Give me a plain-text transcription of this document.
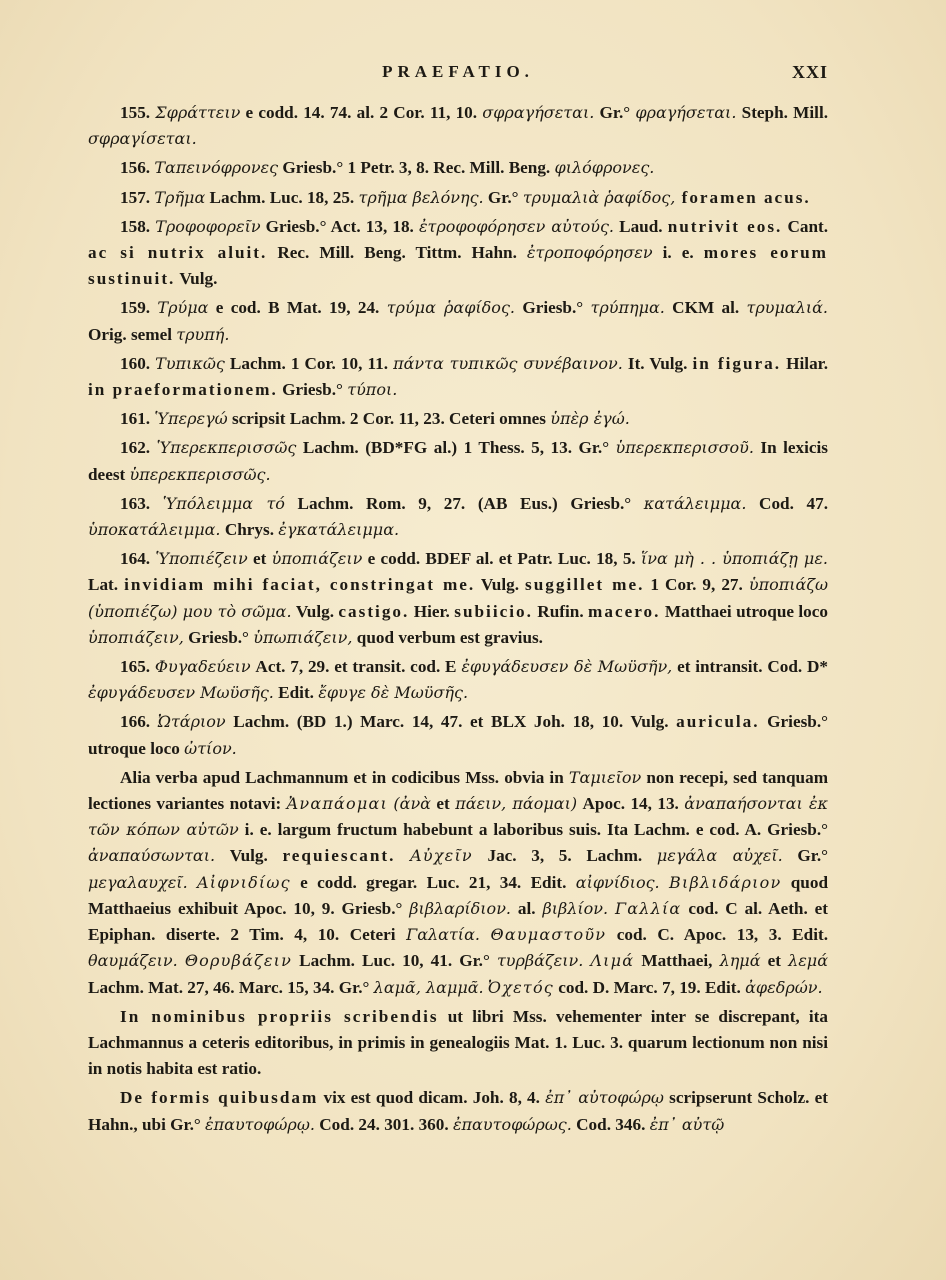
PRAEFATIO.	XXI

155. Σφράττειν e codd. 14. 74. al. 2 Cor. 11, 10. σφραγήσεται. Gr.° φραγήσεται. Steph. Mill. σφραγίσεται.

156. Ταπεινόφρονες Griesb.° 1 Petr. 3, 8. Rec. Mill. Beng. φιλόφρονες.

157. Τρῆμα Lachm. Luc. 18, 25. τρῆμα βελόνης. Gr.° τρυμαλιὰ ῥαφίδος, foramen acus.

158. Τροφοφορεῖν Griesb.° Act. 13, 18. ἐτροφοφόρησεν αὐτούς. Laud. nutrivit eos. Cant. ac si nutrix aluit. Rec. Mill. Beng. Tittm. Hahn. ἐτροποφόρησεν i. e. mores eorum sustinuit. Vulg.

159. Τρύμα e cod. B Mat. 19, 24. τρύμα ῥαφίδος. Griesb.° τρύπημα. CKM al. τρυμαλιά. Orig. semel τρυπή.

160. Τυπικῶς Lachm. 1 Cor. 10, 11. πάντα τυπικῶς συνέβαινον. It. Vulg. in figura. Hilar. in praeformationem. Griesb.° τύποι.

161. Ὑπερεγώ scripsit Lachm. 2 Cor. 11, 23. Ceteri omnes ὑπὲρ ἐγώ.

162. Ὑπερεκπερισσῶς Lachm. (BD*FG al.) 1 Thess. 5, 13. Gr.° ὑπερεκπερισσοῦ. In lexicis deest ὑπερεκπερισσῶς.

163. Ὑπόλειμμα τό Lachm. Rom. 9, 27. (AB Eus.) Griesb.° κατάλειμμα. Cod. 47. ὑποκατάλειμμα. Chrys. ἐγκατάλειμμα.

164. Ὑποπιέζειν et ὑποπιάζειν e codd. BDEF al. et Patr. Luc. 18, 5. ἵνα μὴ . . ὑποπιάζῃ με. Lat. invidiam mihi faciat, constringat me. Vulg. suggillet me. 1 Cor. 9, 27. ὑποπιάζω (ὑποπιέζω) μου τὸ σῶμα. Vulg. castigo. Hier. subiicio. Rufin. macero. Matthaei utroque loco ὑποπιάζειν, Griesb.° ὑπωπιάζειν, quod verbum est gravius.

165. Φυγαδεύειν Act. 7, 29. et transit. cod. E ἐφυγάδευσεν δὲ Μωϋσῆν, et intransit. Cod. D* ἐφυγάδευσεν Μωϋσῆς. Edit. ἔφυγε δὲ Μωϋσῆς.

166. Ὠτάριον Lachm. (BD 1.) Marc. 14, 47. et BLX Joh. 18, 10. Vulg. auricula. Griesb.° utroque loco ὠτίον.

Alia verba apud Lachmannum et in codicibus Mss. obvia in Ταμιεῖον non recepi, sed tanquam lectiones variantes notavi: Ἀναπάομαι (ἀνὰ et πάειν, πάομαι) Apoc. 14, 13. ἀναπαήσονται ἐκ τῶν κόπων αὐτῶν i. e. largum fructum habebunt a laboribus suis. Ita Lachm. e cod. A. Griesb.° ἀναπαύσωνται. Vulg. requiescant. Αὐχεῖν Jac. 3, 5. Lachm. μεγάλα αὐχεῖ. Gr.° μεγαλαυχεῖ. Αἰφνιδίως e codd. gregar. Luc. 21, 34. Edit. αἰφνίδιος. Βιβλιδάριον quod Matthaeius exhibuit Apoc. 10, 9. Griesb.° βιβλαρίδιον. al. βιβλίον. Γαλλία cod. C al. Aeth. et Epiphan. diserte. 2 Tim. 4, 10. Ceteri Γαλατία. Θαυμαστοῦν cod. C. Apoc. 13, 3. Edit. θαυμάζειν. Θορυβάζειν Lachm. Luc. 10, 41. Gr.° τυρβάζειν. Λιμά Matthaei, λημά et λεμά Lachm. Mat. 27, 46. Marc. 15, 34. Gr.° λαμᾶ, λαμμᾶ. Ὀχετός cod. D. Marc. 7, 19. Edit. ἀφεδρών.

In nominibus propriis scribendis ut libri Mss. vehementer inter se discrepant, ita Lachmannus a ceteris editoribus, in primis in genealogiis Mat. 1. Luc. 3. quarum lectionum non nisi in notis habita est ratio.

De formis quibusdam vix est quod dicam. Joh. 8, 4. ἐπ᾿ αὐτοφώρῳ scripserunt Scholz. et Hahn., ubi Gr.° ἐπαυτοφώρῳ. Cod. 24. 301. 360. ἐπαυτοφώρως. Cod. 346. ἐπ᾿ αὐτῷ
